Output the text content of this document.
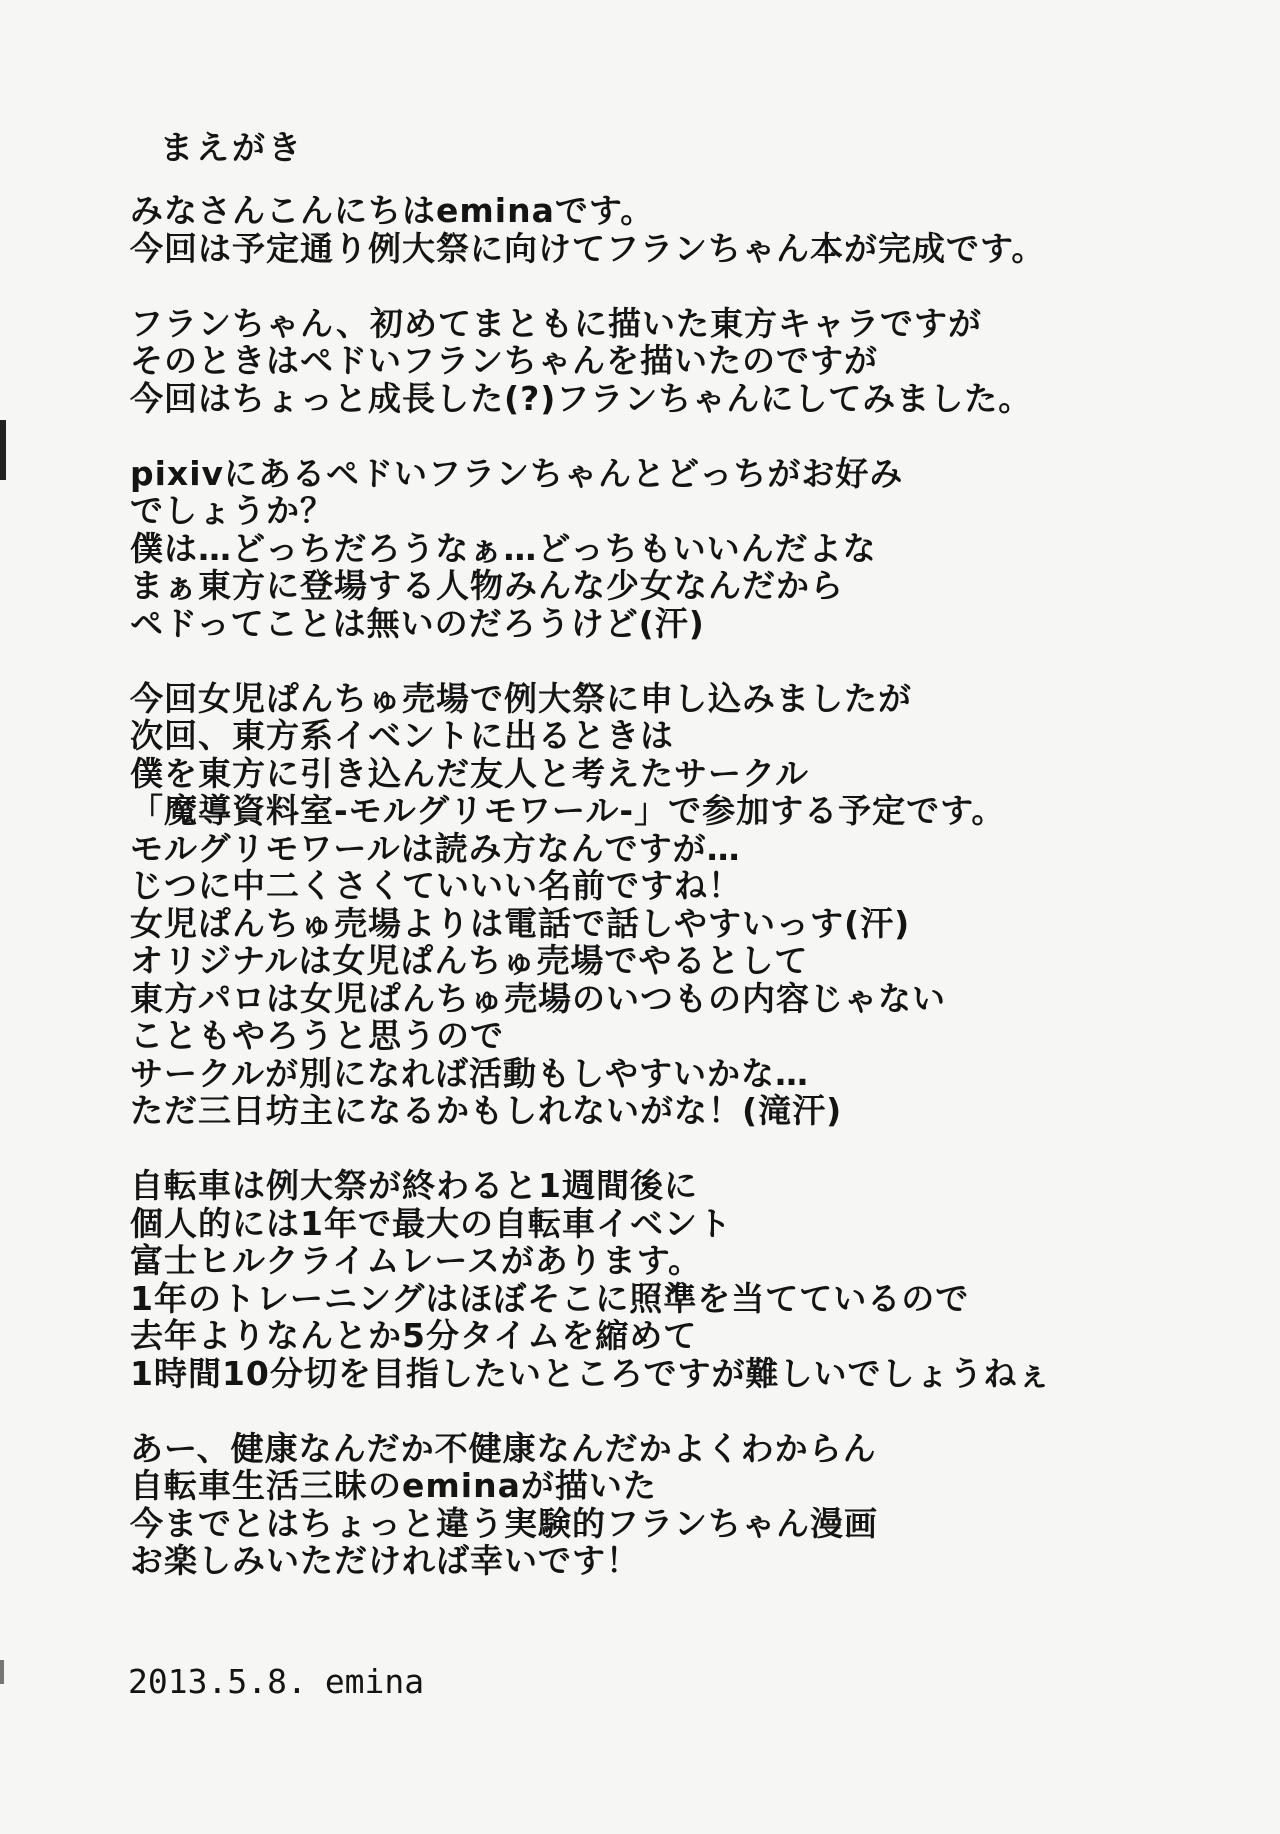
まえがき

みなさんこんにちはeminaです。
今回は予定通り例大祭に向けてフランちゃん本が完成です。

フランちゃん、初めてまともに描いた東方キャラですが
そのときはペドいフランちゃんを描いたのですが
今回はちょっと成長した(?)フランちゃんにしてみました。

pixivにあるペドいフランちゃんとどっちがお好み
でしょうか？
僕は…どっちだろうなぁ…どっちもいいんだよな
まぁ東方に登場する人物みんな少女なんだから
ペドってことは無いのだろうけど(汗)

今回女児ぱんちゅ売場で例大祭に申し込みましたが
次回、東方系イベントに出るときは
僕を東方に引き込んだ友人と考えたサークル
「魔導資料室-モルグリモワール-」で参加する予定です。
モルグリモワールは読み方なんですが…
じつに中二くさくていいい名前ですね！
女児ぱんちゅ売場よりは電話で話しやすいっす(汗)
オリジナルは女児ぱんちゅ売場でやるとして
東方パロは女児ぱんちゅ売場のいつもの内容じゃない
こともやろうと思うので
サークルが別になれば活動もしやすいかな…
ただ三日坊主になるかもしれないがな！(滝汗)

自転車は例大祭が終わると1週間後に
個人的には1年で最大の自転車イベント
富士ヒルクライムレースがあります。
1年のトレーニングはほぼそこに照準を当てているので
去年よりなんとか5分タイムを縮めて
1時間10分切を目指したいところですが難しいでしょうねぇ

あー、健康なんだか不健康なんだかよくわからん
自転車生活三昧のeminaが描いた
今までとはちょっと違う実験的フランちゃん漫画
お楽しみいただければ幸いです！

2013.5.8. emina
